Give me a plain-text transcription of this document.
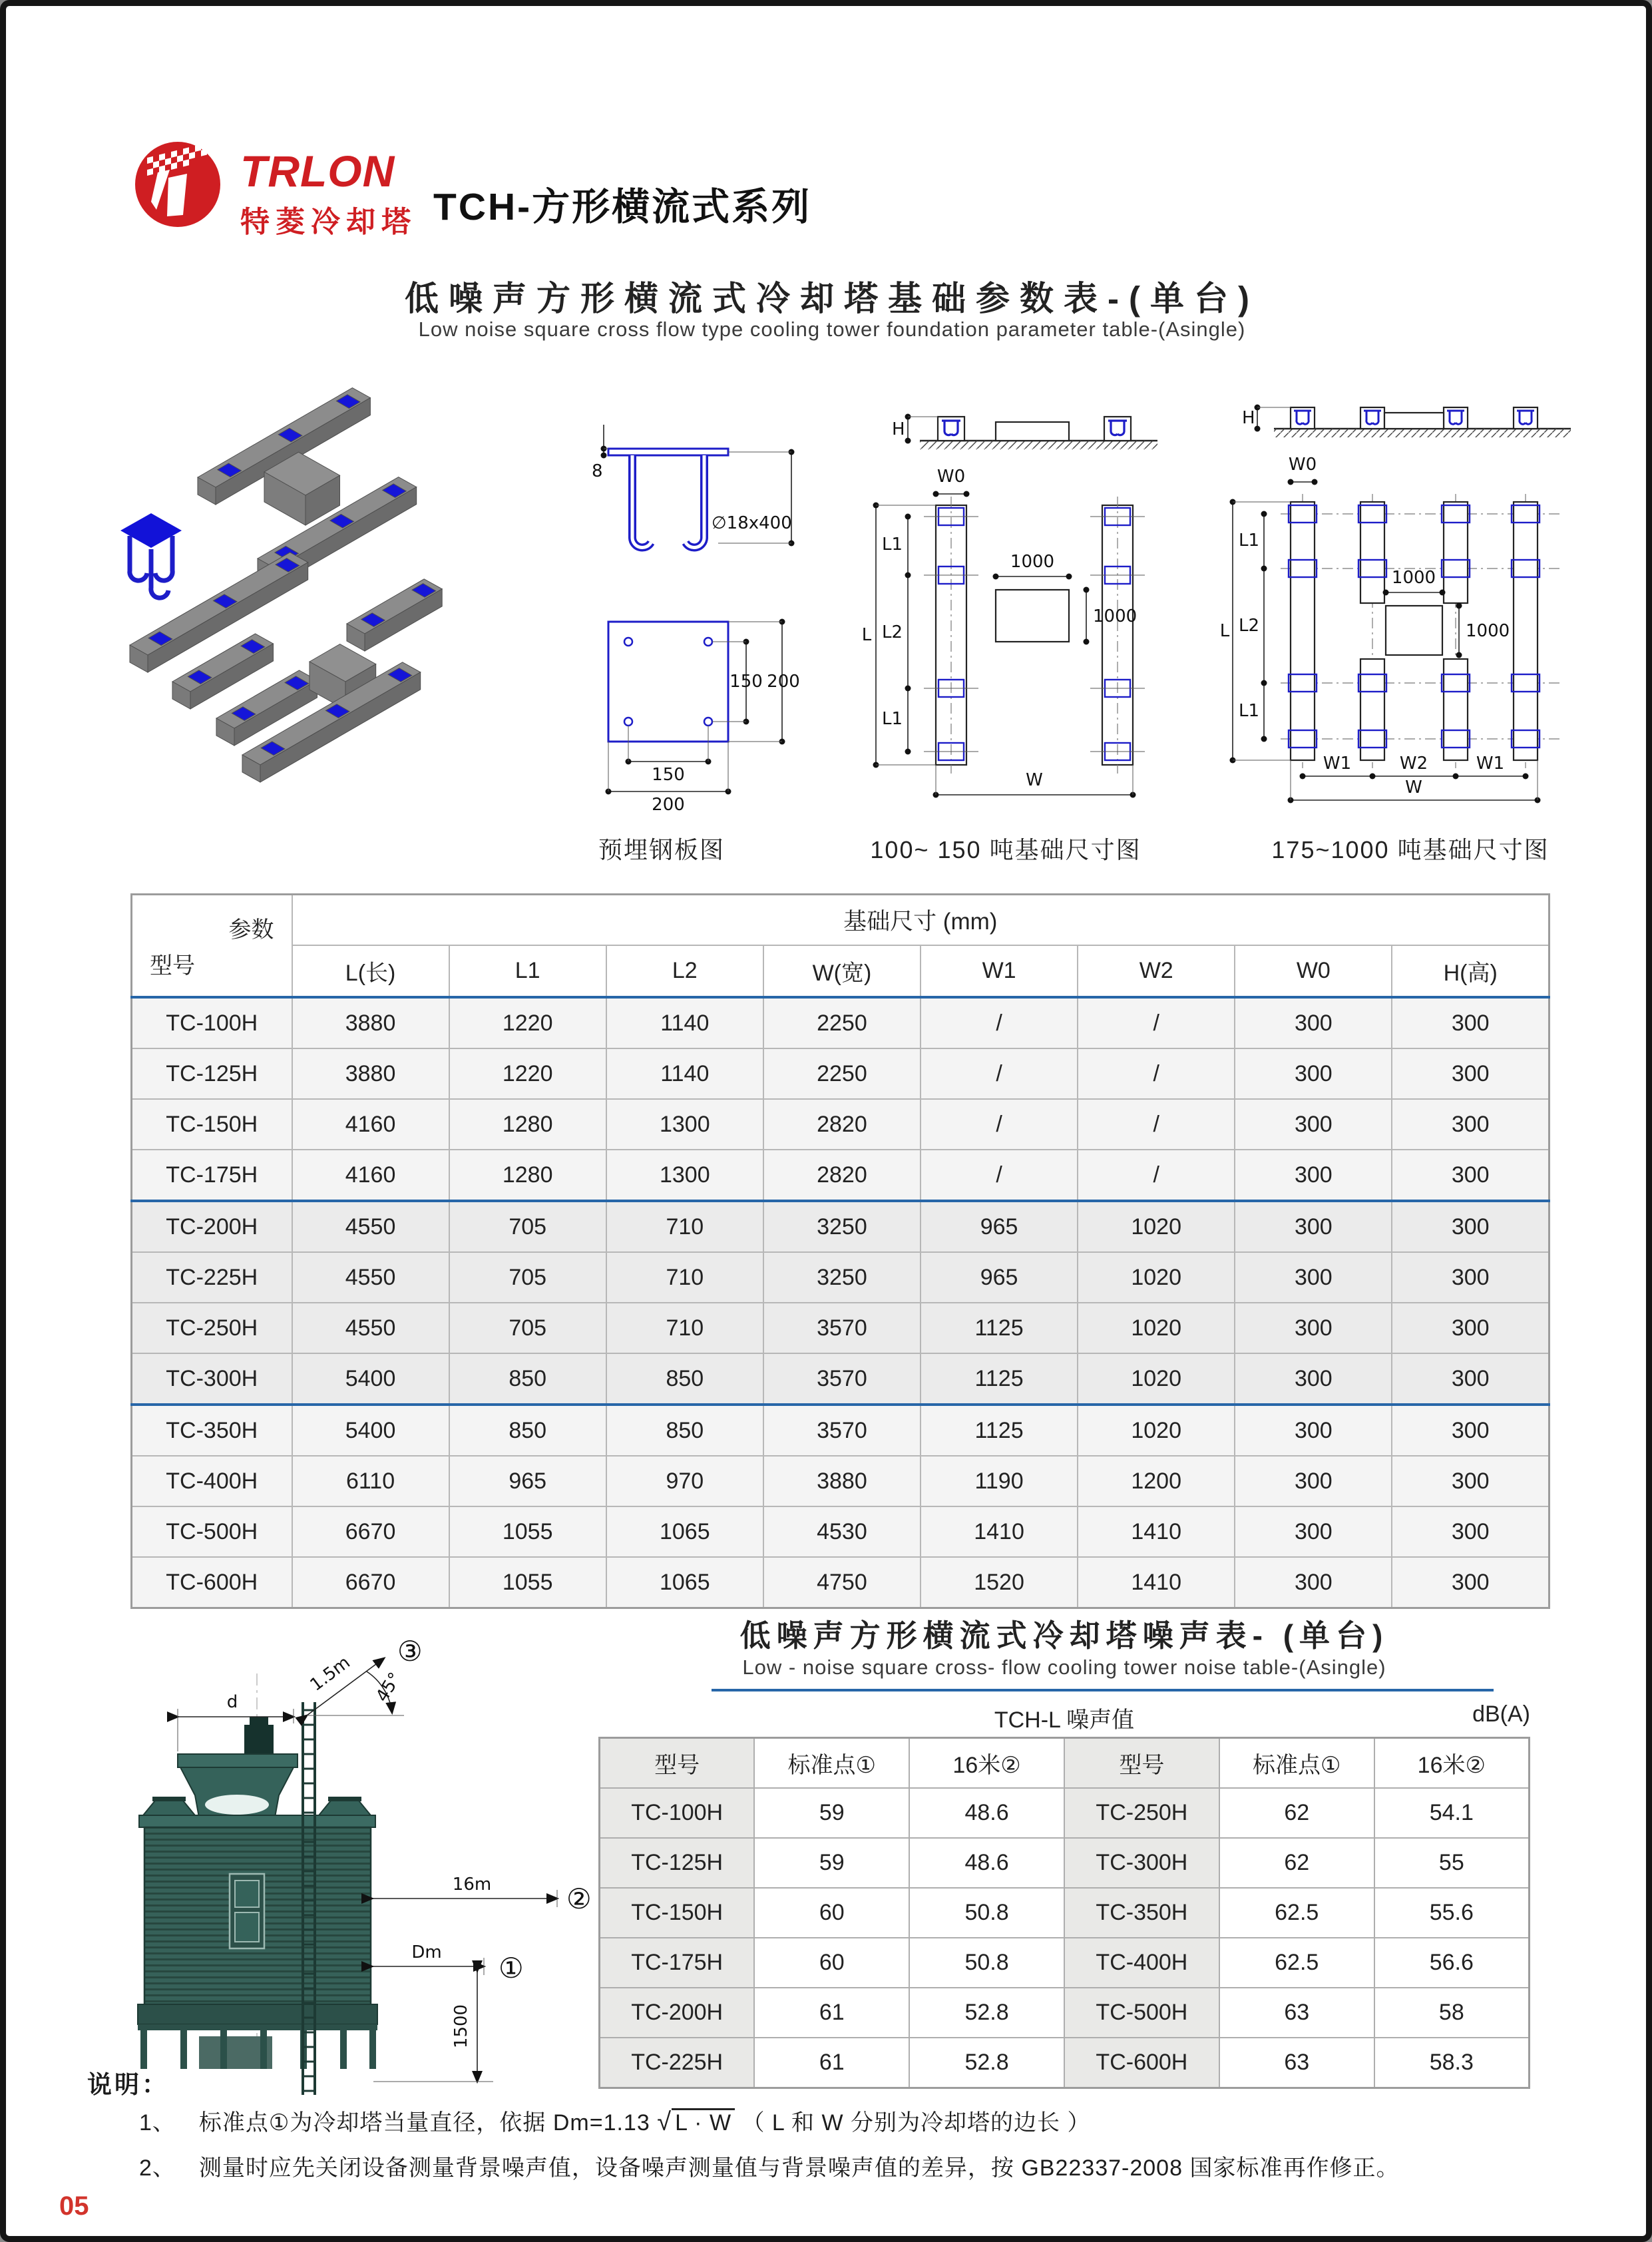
TRLON
特菱冷却塔 TCH-方形横流式系列
低噪声方形横流式冷却塔基础参数表-(单台)
Low noise square cross flow type cooling tower foundation parameter table-(Asingle)
8
∅18x400
150 200
150
200
H
W0
L1
L2
L1
L
1000
1000
W
H
W0
L1
L2
L1
L
1000
1000
W1	W2	W1
W
预埋钢板图	100~ 150 吨基础尺寸图	175~1000 吨基础尺寸图
参数
型号	基础尺寸 (mm)							
	L(长)	L1	L2	W(宽)	W1	W2	W0	H(高)
TC-100H	3880	1220	1140	2250	/	/	300	300
TC-125H	3880	1220	1140	2250	/	/	300	300
TC-150H	4160	1280	1300	2820	/	/	300	300
TC-175H	4160	1280	1300	2820	/	/	300	300
TC-200H	4550	705	710	3250	965	1020	300	300
TC-225H	4550	705	710	3250	965	1020	300	300
TC-250H	4550	705	710	3570	1125	1020	300	300
TC-300H	5400	850	850	3570	1125	1020	300	300
TC-350H	5400	850	850	3570	1125	1020	300	300
TC-400H	6110	965	970	3880	1190	1200	300	300
TC-500H	6670	1055	1065	4530	1410	1410	300	300
TC-600H	6670	1055	1065	4750	1520	1410	300	300
低噪声方形横流式冷却塔噪声表- (单台)
Low - noise square cross- flow cooling tower noise table-(Asingle)
TCH-L 噪声值	dB(A)
型号	标准点①	16米②	型号	标准点①	16米②
TC-100H	59	48.6	TC-250H	62	54.1
TC-125H	59	48.6	TC-300H	62	55
TC-150H	60	50.8	TC-350H	62.5	55.6
TC-175H	60	50.8	TC-400H	62.5	56.6
TC-200H	61	52.8	TC-500H	63	58
TC-225H	61	52.8	TC-600H	63	58.3
d
1.5m 45°
③
16m	②
Dm ①
1500
说明：
1、  标准点①为冷却塔当量直径，依据 Dm=1.13 √ L · W （ L 和 W 分别为冷却塔的边长 ）
2、  测量时应先关闭设备测量背景噪声值，设备噪声测量值与背景噪声值的差异，按 GB22337-2008 国家标准再作修正。
05
